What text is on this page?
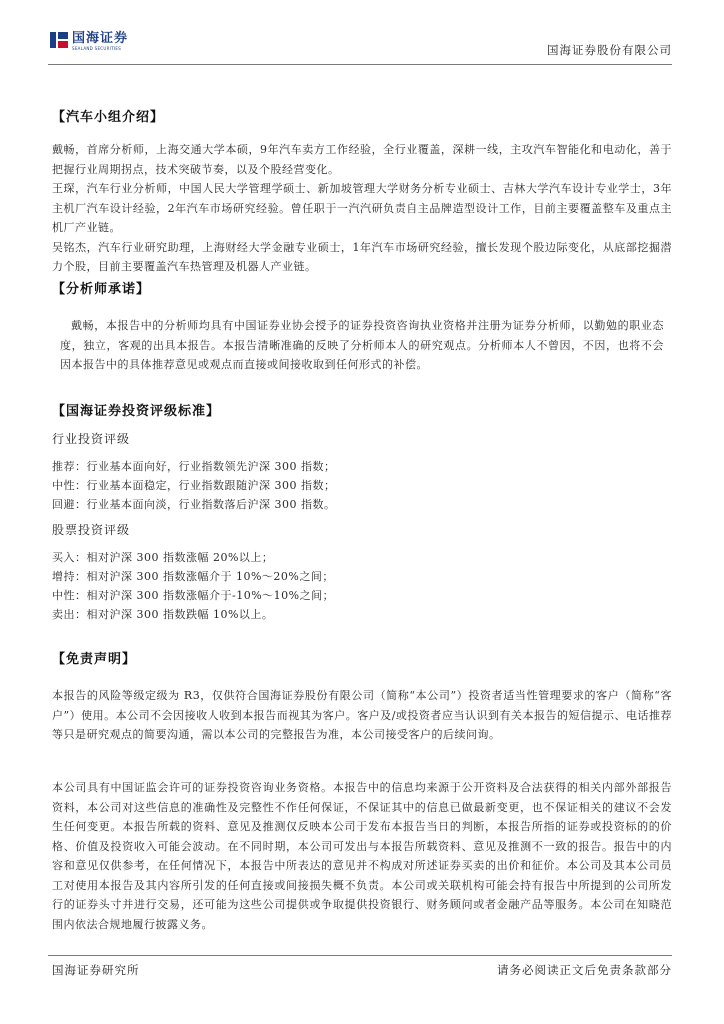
国海证券
SEALAND SECURITIES	国海证券股份有限公司
【汽车小组介绍】
戴畅，首席分析师，上海交通大学本硕，9年汽车卖方工作经验，全行业覆盖，深耕一线，主攻汽车智能化和电动化，善于把握行业周期拐点，技术突破节奏，以及个股经营变化。
王琛，汽车行业分析师，中国人民大学管理学硕士、新加坡管理大学财务分析专业硕士、吉林大学汽车设计专业学士，3年主机厂汽车设计经验，2年汽车市场研究经验。曾任职于一汽汽研负责自主品牌造型设计工作，目前主要覆盖整车及重点主机厂产业链。
吴铭杰，汽车行业研究助理，上海财经大学金融专业硕士，1年汽车市场研究经验，擅长发现个股边际变化，从底部挖掘潜力个股，目前主要覆盖汽车热管理及机器人产业链。
【分析师承诺】
戴畅，本报告中的分析师均具有中国证券业协会授予的证券投资咨询执业资格并注册为证券分析师，以勤勉的职业态度，独立，客观的出具本报告。本报告清晰准确的反映了分析师本人的研究观点。分析师本人不曾因，不因，也将不会因本报告中的具体推荐意见或观点而直接或间接收取到任何形式的补偿。
【国海证券投资评级标准】
行业投资评级
推荐：行业基本面向好，行业指数领先沪深 300 指数；
中性：行业基本面稳定，行业指数跟随沪深 300 指数；
回避：行业基本面向淡，行业指数落后沪深 300 指数。
股票投资评级
买入：相对沪深 300 指数涨幅 20%以上；
增持：相对沪深 300 指数涨幅介于 10%～20%之间；
中性：相对沪深 300 指数涨幅介于-10%～10%之间；
卖出：相对沪深 300 指数跌幅 10%以上。
【免责声明】
本报告的风险等级定级为 R3，仅供符合国海证券股份有限公司（简称“本公司”）投资者适当性管理要求的客户（简称“客户”）使用。本公司不会因接收人收到本报告而视其为客户。客户及/或投资者应当认识到有关本报告的短信提示、电话推荐等只是研究观点的简要沟通，需以本公司的完整报告为准，本公司接受客户的后续问询。
本公司具有中国证监会许可的证券投资咨询业务资格。本报告中的信息均来源于公开资料及合法获得的相关内部外部报告资料，本公司对这些信息的准确性及完整性不作任何保证，不保证其中的信息已做最新变更，也不保证相关的建议不会发生任何变更。本报告所载的资料、意见及推测仅反映本公司于发布本报告当日的判断，本报告所指的证券或投资标的的价格、价值及投资收入可能会波动。在不同时期，本公司可发出与本报告所载资料、意见及推测不一致的报告。报告中的内容和意见仅供参考，在任何情况下，本报告中所表达的意见并不构成对所述证券买卖的出价和征价。本公司及其本公司员工对使用本报告及其内容所引发的任何直接或间接损失概不负责。本公司或关联机构可能会持有报告中所提到的公司所发行的证券头寸并进行交易，还可能为这些公司提供或争取提供投资银行、财务顾问或者金融产品等服务。本公司在知晓范围内依法合规地履行披露义务。
国海证券研究所	请务必阅读正文后免责条款部分
